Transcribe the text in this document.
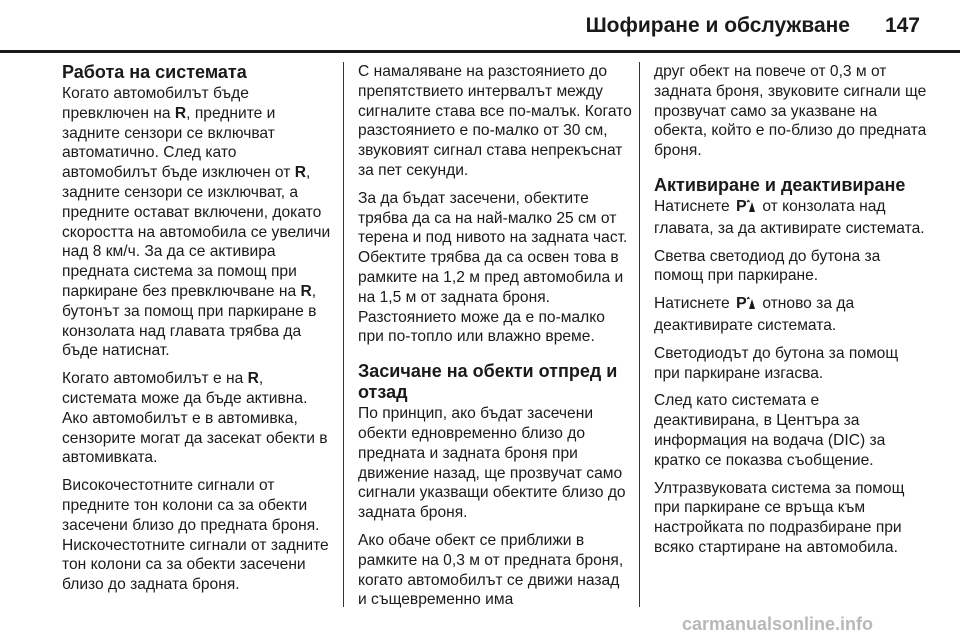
Шофиране и обслужване 147
Работа на системата

Когато автомобилът бъде превключен на R, предните и задните сензори се включват автоматично. След като автомобилът бъде изключен от R, задните сензори се изключват, а предните остават включени, докато скоростта на автомобила се увеличи над 8 км/ч. За да се активира предната система за помощ при паркиране без превключване на R, бутонът за помощ при паркиране в конзолата над главата трябва да бъде натиснат.

Когато автомобилът е на R, системата може да бъде активна. Ако автомобилът е в автомивка, сензорите могат да засекат обекти в автомивката.

Високочестотните сигнали от предните тон колони са за обекти засечени близо до предната броня. Нискочестотните сигнали от задните тон колони са за обекти засечени близо до задната броня.

С намаляване на разстоянието до препятствието интервалът между сигналите става все по-малък. Когато разстоянието е по-малко от 30 см, звуковият сигнал става непрекъснат за пет секунди.

За да бъдат засечени, обектите трябва да са на най-малко 25 см от терена и под нивото на задната част. Обектите трябва да са освен това в рамките на 1,2 м пред автомобила и на 1,5 м от задната броня. Разстоянието може да е по-малко при по-топло или влажно време.

Засичане на обекти отпред и отзад

По принцип, ако бъдат засечени обекти едновременно близо до предната и задната броня при движение назад, ще прозвучат само сигнали указващи обектите близо до задната броня.

Ако обаче обект се приближи в рамките на 0,3 м от предната броня, когато автомобилът се движи назад и същевременно има

друг обект на повече от 0,3 м от задната броня, звуковите сигнали ще прозвучат само за указване на обекта, който е по-близо до предната броня.

Активиране и деактивиране

Натиснете P от конзолата над главата, за да активирате системата.

Светва светодиод до бутона за помощ при паркиране.

Натиснете P отново за да деактивирате системата.

Светодиодът до бутона за помощ при паркиране изгасва.

След като системата е деактивирана, в Центъра за информация на водача (DIC) за кратко се показва съобщение.

Ултразвуковата система за помощ при паркиране се връща към настройката по подразбиране при всяко стартиране на автомобила.

carmanualsonline.info
